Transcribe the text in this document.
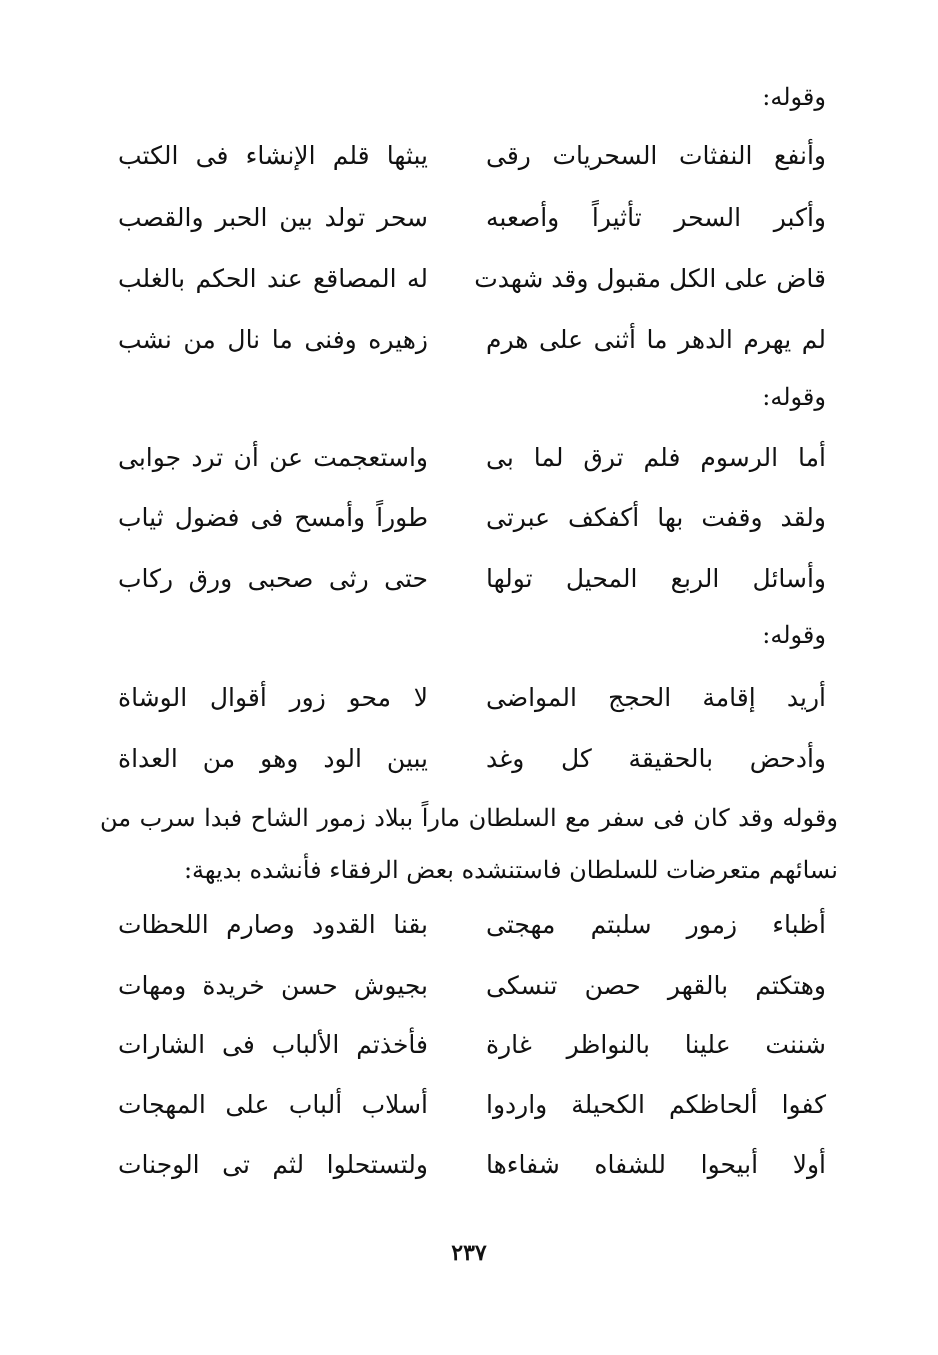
وقوله:
وأنفع النفثات السحريات رقى
يبثها قلم الإنشاء فى الكتب
وأكبر السحر تأثيراً وأصعبه
سحر تولد بين الحبر والقصب
قاض على الكل مقبول وقد شهدت
له المصاقع عند الحكم بالغلب
لم يهرم الدهر ما أثنى على هرم
زهيره وفنى ما نال من نشب
وقوله:
أما الرسوم فلم ترق لما بى
واستعجمت عن أن ترد جوابى
ولقد وقفت بها أكفكف عبرتى
طوراً وأمسح فى فضول ثياب
وأسائل الربع المحيل تولها
حتى رثى صحبى ورق ركاب
وقوله:
أريد إقامة الحجج المواضى
لا محو زور أقوال الوشاة
وأدحض بالحقيقة كل وغد
يبين الود وهو من العداة
وقوله وقد كان فى سفر مع السلطان ماراً ببلاد زمور الشاح فبدا سرب من
نسائهم متعرضات للسلطان فاستنشده بعض الرفقاء فأنشده بديهة:
أظباء زمور سلبتم مهجتى
بقنا القدود وصارم اللحظات
وهتكتم بالقهر حصن تنسكى
بجيوش حسن خريدة ومهات
شننت علينا بالنواظر غارة
فأخذتم الألباب فى الشارات
كفوا ألحاظكم الكحيلة واردوا
أسلاب ألباب على المهجات
أولا أبيحوا للشفاه شفاءها
ولتستحلوا لثم تى الوجنات
٢٣٧
